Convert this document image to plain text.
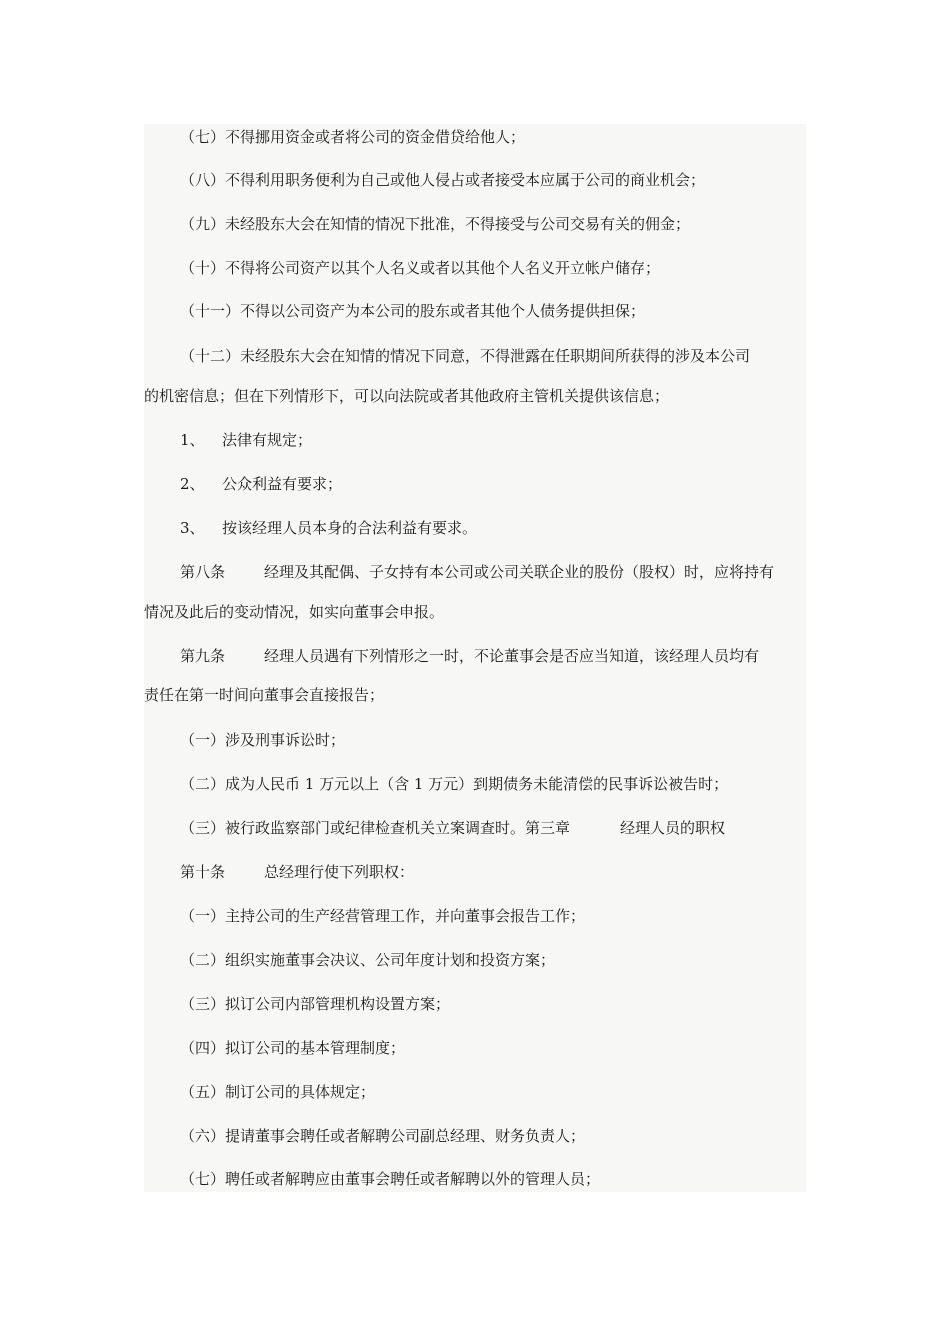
（七）不得挪用资金或者将公司的资金借贷给他人；
（八）不得利用职务便利为自己或他人侵占或者接受本应属于公司的商业机会；
（九）未经股东大会在知情的情况下批准，不得接受与公司交易有关的佣金；
（十）不得将公司资产以其个人名义或者以其他个人名义开立帐户储存；
（十一）不得以公司资产为本公司的股东或者其他个人债务提供担保；
（十二）未经股东大会在知情的情况下同意，不得泄露在任职期间所获得的涉及本公司
的机密信息；但在下列情形下，可以向法院或者其他政府主管机关提供该信息；
1、 法律有规定；
2、 公众利益有要求；
3、 按该经理人员本身的合法利益有要求。
第八条	经理及其配偶、子女持有本公司或公司关联企业的股份（股权）时，应将持有
情况及此后的变动情况，如实向董事会申报。
第九条	经理人员遇有下列情形之一时，不论董事会是否应当知道，该经理人员均有
责任在第一时间向董事会直接报告；
（一）涉及刑事诉讼时；
（二）成为人民币 1 万元以上（含 1 万元）到期债务未能清偿的民事诉讼被告时；
（三）被行政监察部门或纪律检查机关立案调查时。第三章	经理人员的职权
第十条	总经理行使下列职权：
（一）主持公司的生产经营管理工作，并向董事会报告工作；
（二）组织实施董事会决议、公司年度计划和投资方案；
（三）拟订公司内部管理机构设置方案；
（四）拟订公司的基本管理制度；
（五）制订公司的具体规定；
（六）提请董事会聘任或者解聘公司副总经理、财务负责人；
（七）聘任或者解聘应由董事会聘任或者解聘以外的管理人员；
